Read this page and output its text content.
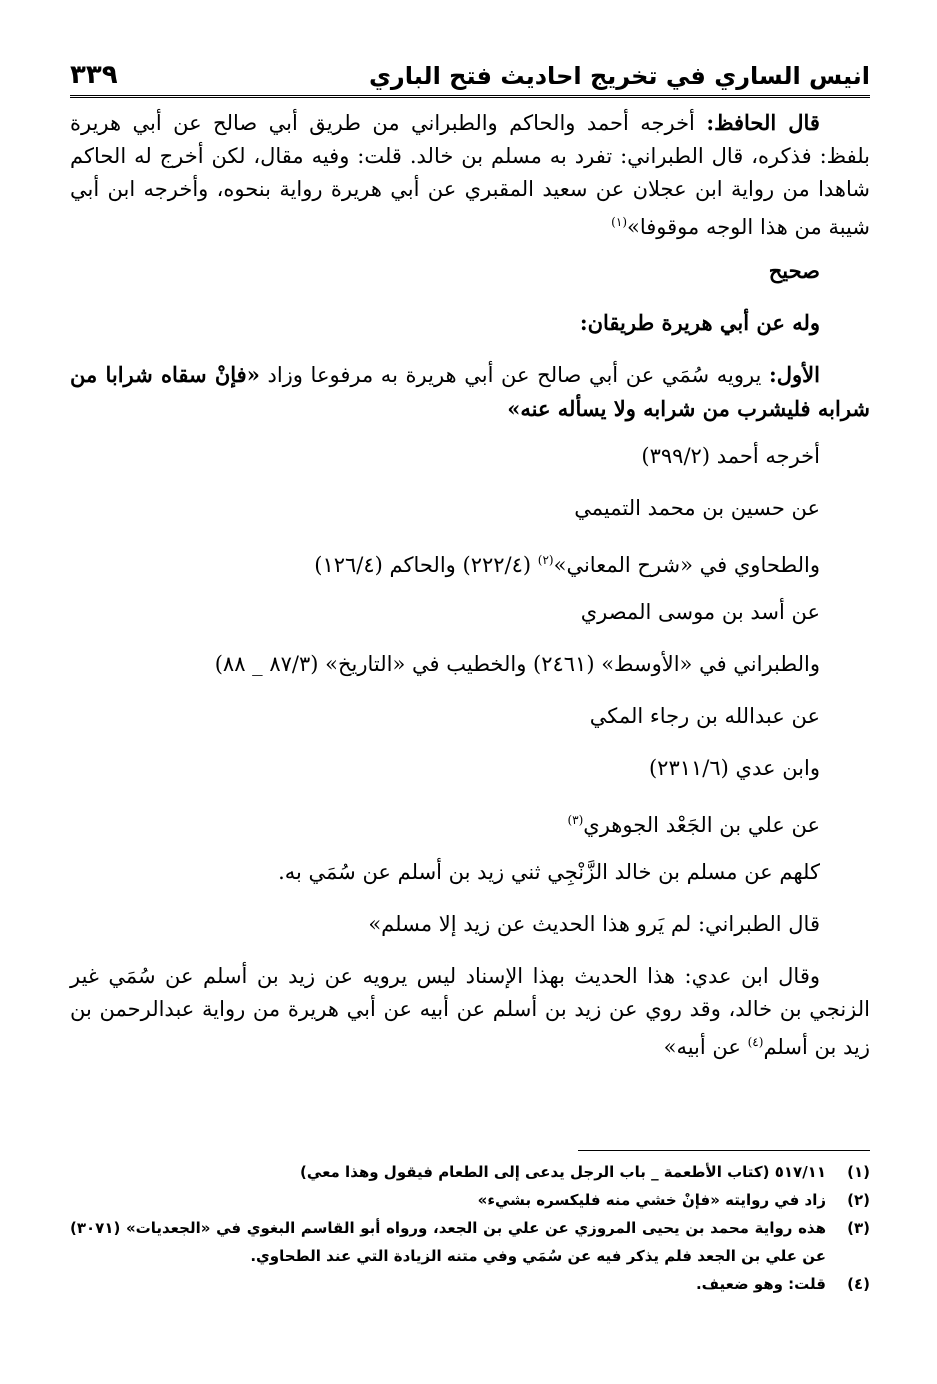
انيس الساري في تخريج احاديث فتح الباري
٣٣٩

قال الحافظ: أخرجه أحمد والحاكم والطبراني من طريق أبي صالح عن أبي هريرة بلفظ: فذكره، قال الطبراني: تفرد به مسلم بن خالد. قلت: وفيه مقال، لكن أخرج له الحاكم شاهدا من رواية ابن عجلان عن سعيد المقبري عن أبي هريرة رواية بنحوه، وأخرجه ابن أبي شيبة من هذا الوجه موقوفا»$^{(١)}$

صحيح

وله عن أبي هريرة طريقان:

الأول: يرويه سُمَي عن أبي صالح عن أبي هريرة به مرفوعا وزاد «فإنْ سقاه شرابا من شرابه فليشرب من شرابه ولا يسأله عنه»

أخرجه أحمد (٣٩٩/٢)

عن حسين بن محمد التميمي

والطحاوي في «شرح المعاني»$^{(٢)}$ (٢٢٢/٤) والحاكم (١٢٦/٤)

عن أسد بن موسى المصري

والطبراني في «الأوسط» (٢٤٦١) والخطيب في «التاريخ» (٨٧/٣ _ ٨٨)

عن عبدالله بن رجاء المكي

وابن عدي (٢٣١١/٦)

عن علي بن الجَعْد الجوهري$^{(٣)}$

كلهم عن مسلم بن خالد الزَّنْجِي ثني زيد بن أسلم عن سُمَي به.

قال الطبراني: لم يَرو هذا الحديث عن زيد إلا مسلم»

وقال ابن عدي: هذا الحديث بهذا الإسناد ليس يرويه عن زيد بن أسلم عن سُمَي غير الزنجي بن خالد، وقد روي عن زيد بن أسلم عن أبيه عن أبي هريرة من رواية عبدالرحمن بن زيد بن أسلم$^{(٤)}$ عن أبيه»

(١)
٥١٧/١١ (كتاب الأطعمة _ باب الرجل يدعى إلى الطعام فيقول وهذا معي)
(٢)
زاد في روايته «فإنْ خشي منه فليكسره بشيء»
(٣)
هذه رواية محمد بن يحيى المروزي عن علي بن الجعد، ورواه أبو القاسم البغوي في «الجعديات» (٣٠٧١) عن علي بن الجعد فلم يذكر فيه عن سُمَي وفي متنه الزيادة التي عند الطحاوي.
(٤)
قلت: وهو ضعيف.
